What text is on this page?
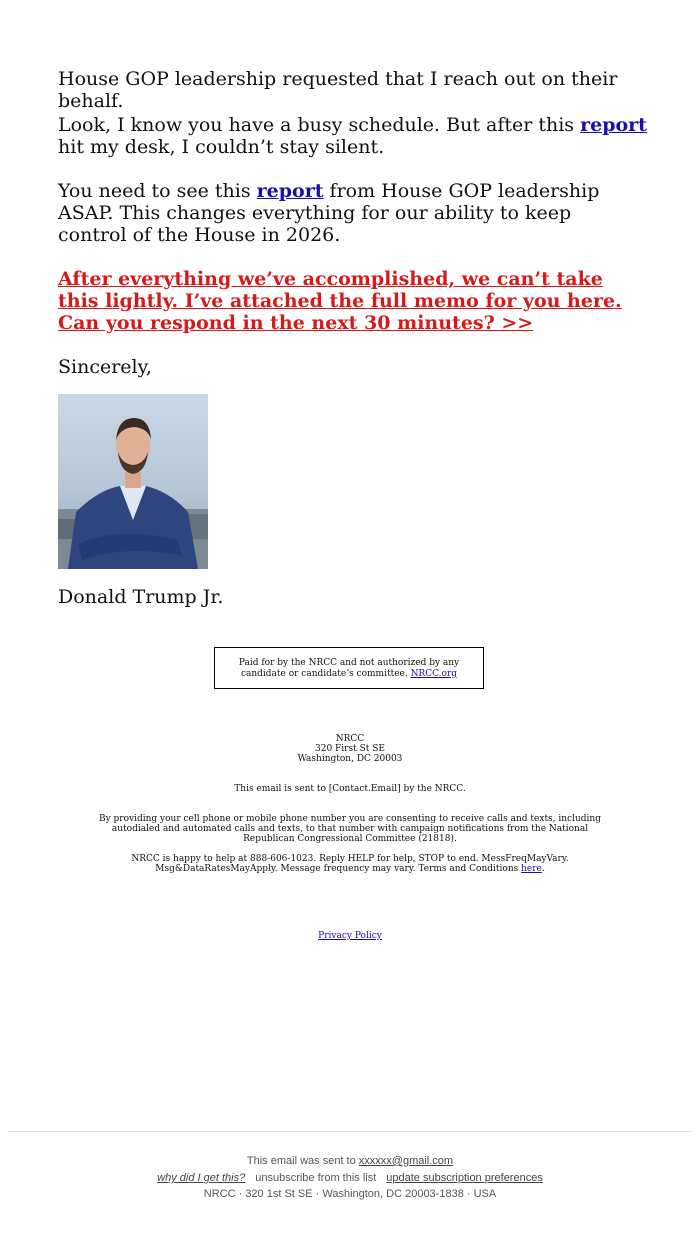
House GOP leadership requested that I reach out on their behalf.

Look, I know you have a busy schedule. But after this report hit my desk, I couldn’t stay silent.

You need to see this report from House GOP leadership ASAP. This changes everything for our ability to keep control of the House in 2026.

After everything we’ve accomplished, we can’t take this lightly. I’ve attached the full memo for you here. Can you respond in the next 30 minutes? >>

Sincerely,

Donald Trump Jr.

Paid for by the NRCC and not authorized by any candidate or candidate’s committee. NRCC.org
NRCC
320 First St SE
Washington, DC 20003
This email is sent to [Contact.Email] by the NRCC.
By providing your cell phone or mobile phone number you are consenting to receive calls and texts, including autodialed and automated calls and texts, to that number with campaign notifications from the National Republican Congressional Committee (21818).
NRCC is happy to help at 888-606-1023. Reply HELP for help, STOP to end. MessFreqMayVary. Msg&DataRatesMayApply. Message frequency may vary. Terms and Conditions here.
Privacy Policy
This email was sent to xxxxxx@gmail.com
why did I get this? unsubscribe from this list update subscription preferences
NRCC · 320 1st St SE · Washington, DC 20003-1838 · USA
